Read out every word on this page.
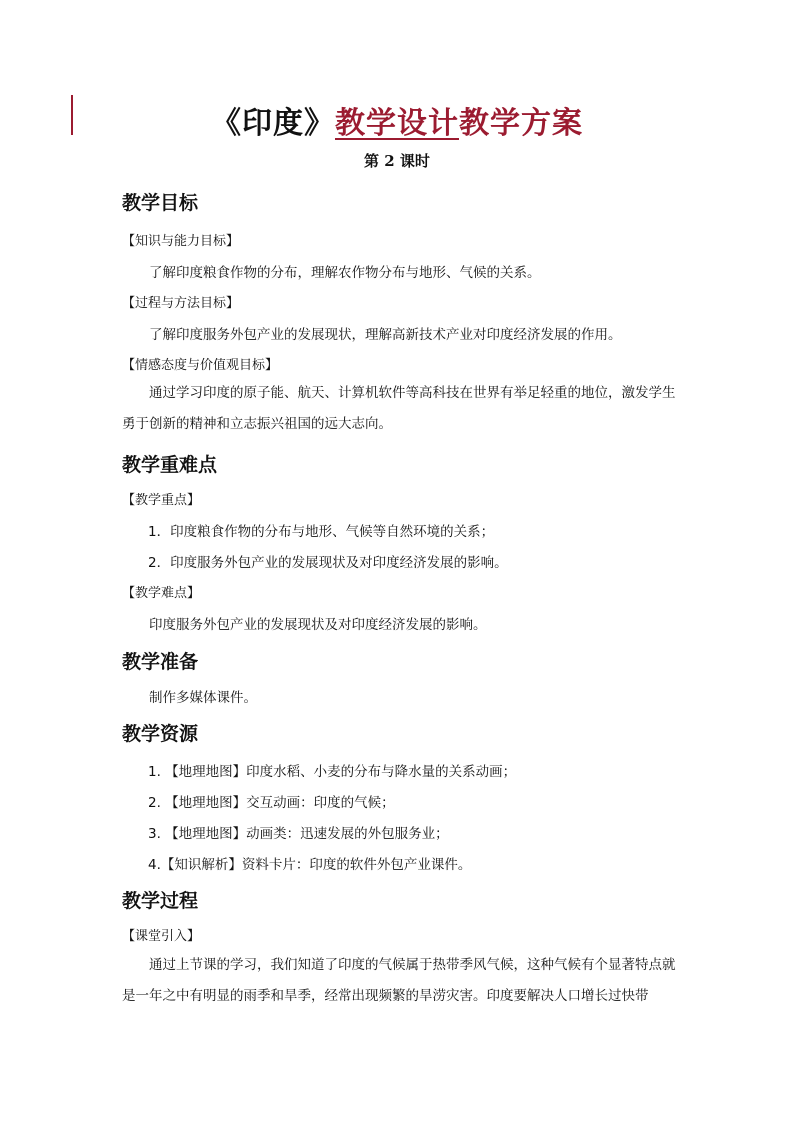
《印度》教学设计教学方案
第 2 课时
教学目标
【知识与能力目标】
了解印度粮食作物的分布，理解农作物分布与地形、气候的关系。
【过程与方法目标】
了解印度服务外包产业的发展现状，理解高新技术产业对印度经济发展的作用。
【情感态度与价值观目标】
通过学习印度的原子能、航天、计算机软件等高科技在世界有举足轻重的地位，激发学生勇于创新的精神和立志振兴祖国的远大志向。
教学重难点
【教学重点】
1．印度粮食作物的分布与地形、气候等自然环境的关系；
2．印度服务外包产业的发展现状及对印度经济发展的影响。
【教学难点】
印度服务外包产业的发展现状及对印度经济发展的影响。
教学准备
制作多媒体课件。
教学资源
1. 【地理地图】印度水稻、小麦的分布与降水量的关系动画；
2. 【地理地图】交互动画：印度的气候；
3. 【地理地图】动画类：迅速发展的外包服务业；
4.【知识解析】资料卡片：印度的软件外包产业课件。
教学过程
【课堂引入】
通过上节课的学习，我们知道了印度的气候属于热带季风气候，这种气候有个显著特点就是一年之中有明显的雨季和旱季，经常出现频繁的旱涝灾害。印度要解决人口增长过快带
